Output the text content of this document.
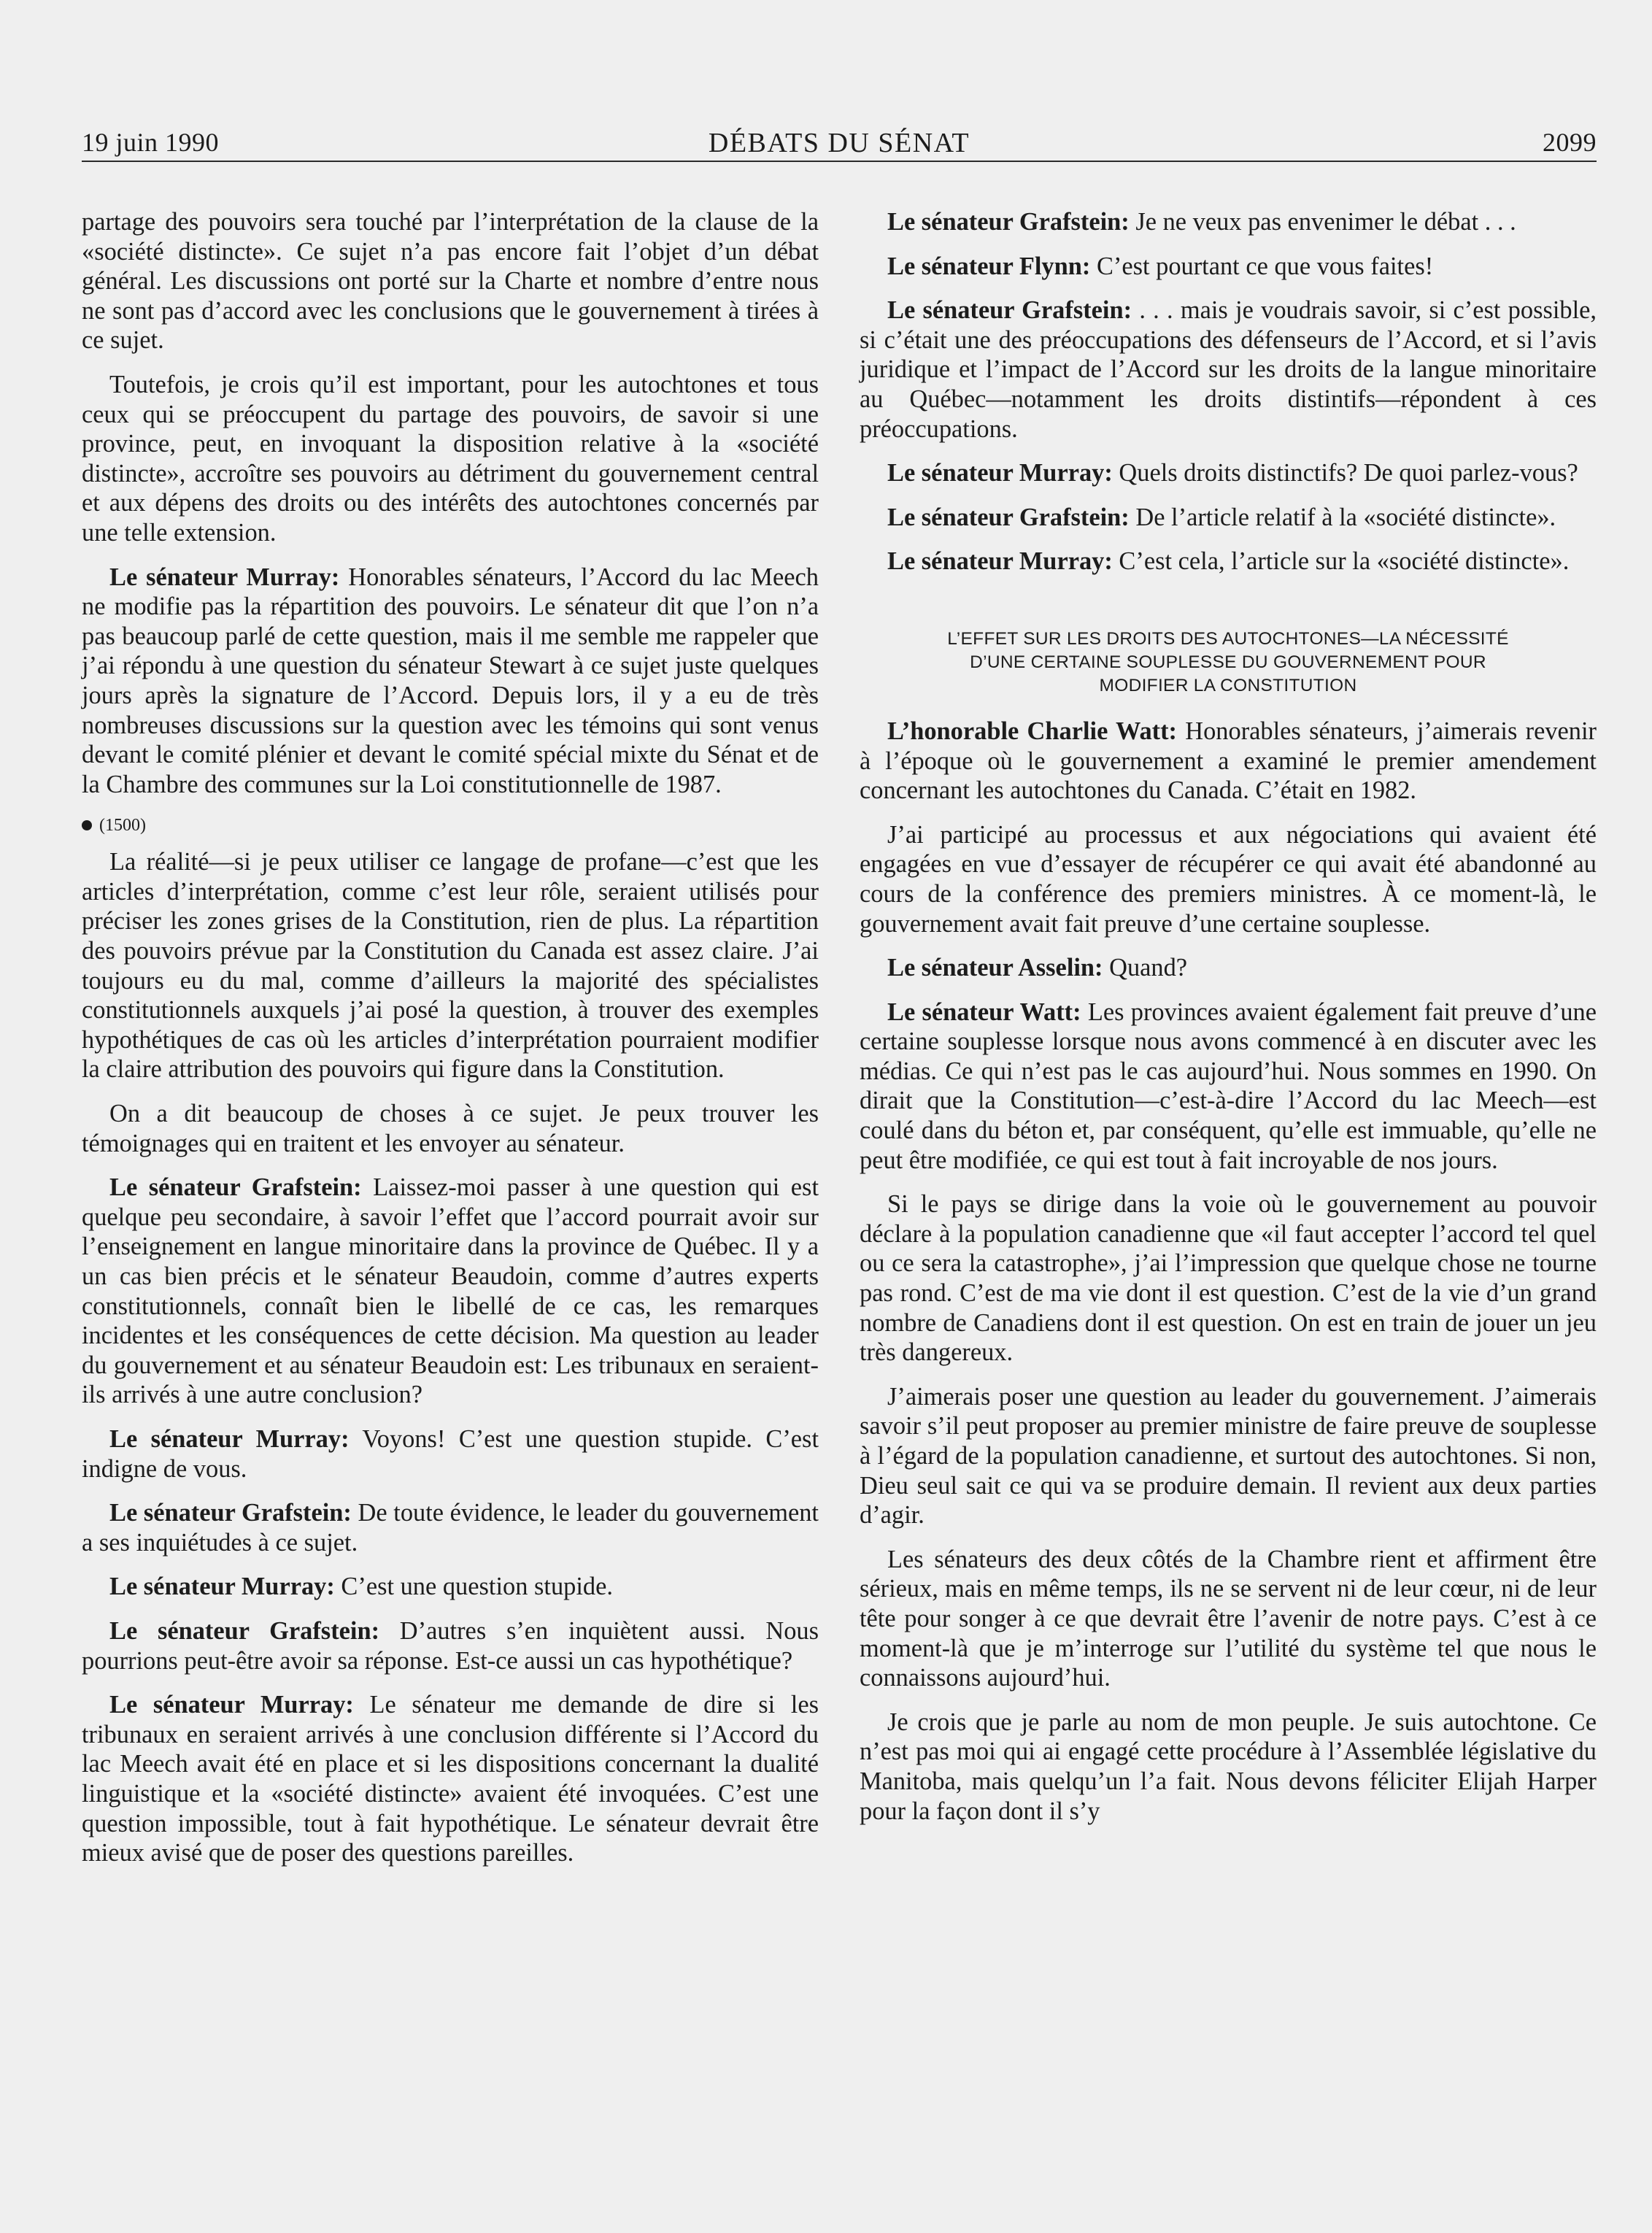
19 juin 1990	DÉBATS DU SÉNAT	2099

partage des pouvoirs sera touché par l’interprétation de la clause de la «société distincte». Ce sujet n’a pas encore fait l’objet d’un débat général. Les discussions ont porté sur la Charte et nombre d’entre nous ne sont pas d’accord avec les conclusions que le gouvernement à tirées à ce sujet.

Toutefois, je crois qu’il est important, pour les autochtones et tous ceux qui se préoccupent du partage des pouvoirs, de savoir si une province, peut, en invoquant la disposition relative à la «société distincte», accroître ses pouvoirs au détriment du gouvernement central et aux dépens des droits ou des intérêts des autochtones concernés par une telle extension.

Le sénateur Murray: Honorables sénateurs, l’Accord du lac Meech ne modifie pas la répartition des pouvoirs. Le sénateur dit que l’on n’a pas beaucoup parlé de cette question, mais il me semble me rappeler que j’ai répondu à une question du sénateur Stewart à ce sujet juste quelques jours après la signature de l’Accord. Depuis lors, il y a eu de très nombreuses discussions sur la question avec les témoins qui sont venus devant le comité plénier et devant le comité spécial mixte du Sénat et de la Chambre des communes sur la Loi constitutionnelle de 1987.

(1500)

La réalité—si je peux utiliser ce langage de profane—c’est que les articles d’interprétation, comme c’est leur rôle, seraient utilisés pour préciser les zones grises de la Constitution, rien de plus. La répartition des pouvoirs prévue par la Constitution du Canada est assez claire. J’ai toujours eu du mal, comme d’ailleurs la majorité des spécialistes constitutionnels auxquels j’ai posé la question, à trouver des exemples hypothétiques de cas où les articles d’interprétation pourraient modifier la claire attribution des pouvoirs qui figure dans la Constitution.

On a dit beaucoup de choses à ce sujet. Je peux trouver les témoignages qui en traitent et les envoyer au sénateur.

Le sénateur Grafstein: Laissez-moi passer à une question qui est quelque peu secondaire, à savoir l’effet que l’accord pourrait avoir sur l’enseignement en langue minoritaire dans la province de Québec. Il y a un cas bien précis et le sénateur Beaudoin, comme d’autres experts constitutionnels, connaît bien le libellé de ce cas, les remarques incidentes et les conséquences de cette décision. Ma question au leader du gouvernement et au sénateur Beaudoin est: Les tribunaux en seraient-ils arrivés à une autre conclusion?

Le sénateur Murray: Voyons! C’est une question stupide. C’est indigne de vous.

Le sénateur Grafstein: De toute évidence, le leader du gouvernement a ses inquiétudes à ce sujet.

Le sénateur Murray: C’est une question stupide.

Le sénateur Grafstein: D’autres s’en inquiètent aussi. Nous pourrions peut-être avoir sa réponse. Est-ce aussi un cas hypothétique?

Le sénateur Murray: Le sénateur me demande de dire si les tribunaux en seraient arrivés à une conclusion différente si l’Accord du lac Meech avait été en place et si les dispositions concernant la dualité linguistique et la «société distincte» avaient été invoquées. C’est une question impossible, tout à fait hypothétique. Le sénateur devrait être mieux avisé que de poser des questions pareilles.

Le sénateur Grafstein: Je ne veux pas envenimer le débat . . .

Le sénateur Flynn: C’est pourtant ce que vous faites!

Le sénateur Grafstein: . . . mais je voudrais savoir, si c’est possible, si c’était une des préoccupations des défenseurs de l’Accord, et si l’avis juridique et l’impact de l’Accord sur les droits de la langue minoritaire au Québec—notamment les droits distintifs—répondent à ces préoccupations.

Le sénateur Murray: Quels droits distinctifs? De quoi parlez-vous?

Le sénateur Grafstein: De l’article relatif à la «société distincte».

Le sénateur Murray: C’est cela, l’article sur la «société distincte».

L’EFFET SUR LES DROITS DES AUTOCHTONES—LA NÉCESSITÉ
D’UNE CERTAINE SOUPLESSE DU GOUVERNEMENT POUR
MODIFIER LA CONSTITUTION

L’honorable Charlie Watt: Honorables sénateurs, j’aimerais revenir à l’époque où le gouvernement a examiné le premier amendement concernant les autochtones du Canada. C’était en 1982.

J’ai participé au processus et aux négociations qui avaient été engagées en vue d’essayer de récupérer ce qui avait été abandonné au cours de la conférence des premiers ministres. À ce moment-là, le gouvernement avait fait preuve d’une certaine souplesse.

Le sénateur Asselin: Quand?

Le sénateur Watt: Les provinces avaient également fait preuve d’une certaine souplesse lorsque nous avons commencé à en discuter avec les médias. Ce qui n’est pas le cas aujourd’hui. Nous sommes en 1990. On dirait que la Constitution—c’est-à-dire l’Accord du lac Meech—est coulé dans du béton et, par conséquent, qu’elle est immuable, qu’elle ne peut être modifiée, ce qui est tout à fait incroyable de nos jours.

Si le pays se dirige dans la voie où le gouvernement au pouvoir déclare à la population canadienne que «il faut accepter l’accord tel quel ou ce sera la catastrophe», j’ai l’impression que quelque chose ne tourne pas rond. C’est de ma vie dont il est question. C’est de la vie d’un grand nombre de Canadiens dont il est question. On est en train de jouer un jeu très dangereux.

J’aimerais poser une question au leader du gouvernement. J’aimerais savoir s’il peut proposer au premier ministre de faire preuve de souplesse à l’égard de la population canadienne, et surtout des autochtones. Si non, Dieu seul sait ce qui va se produire demain. Il revient aux deux parties d’agir.

Les sénateurs des deux côtés de la Chambre rient et affirment être sérieux, mais en même temps, ils ne se servent ni de leur cœur, ni de leur tête pour songer à ce que devrait être l’avenir de notre pays. C’est à ce moment-là que je m’interroge sur l’utilité du système tel que nous le connaissons aujourd’hui.

Je crois que je parle au nom de mon peuple. Je suis autochtone. Ce n’est pas moi qui ai engagé cette procédure à l’Assemblée législative du Manitoba, mais quelqu’un l’a fait. Nous devons féliciter Elijah Harper pour la façon dont il s’y
